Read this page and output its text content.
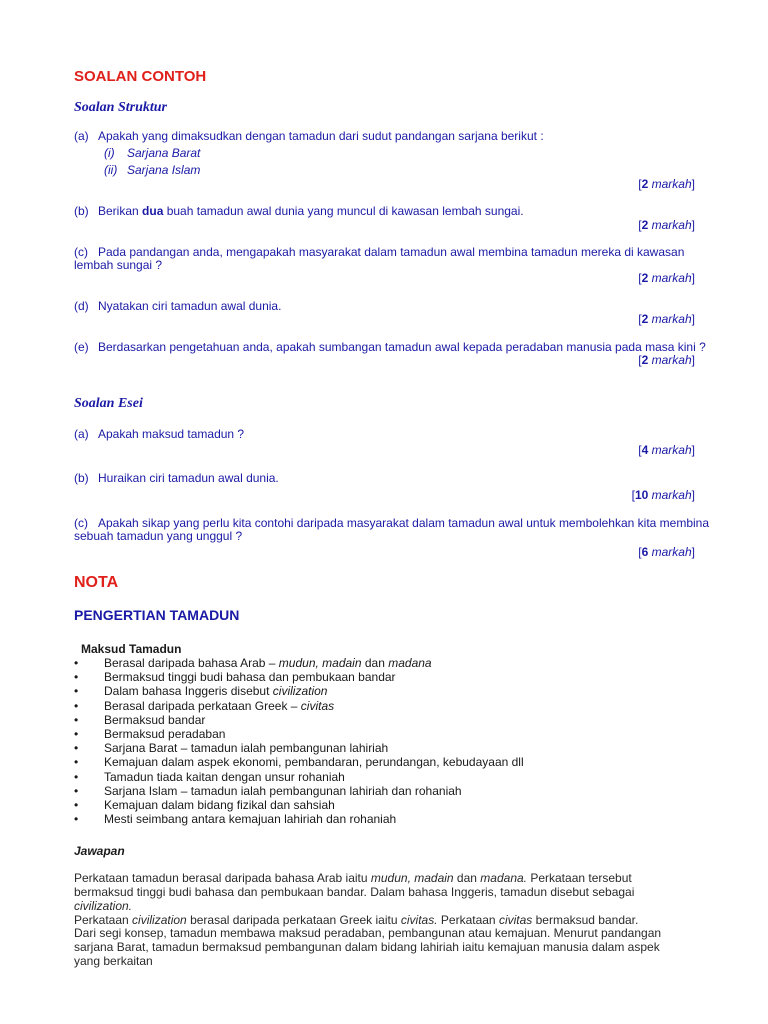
SOALAN CONTOH
Soalan Struktur
(a) Apakah yang dimaksudkan dengan tamadun dari sudut pandangan sarjana berikut :
(i) Sarjana Barat
(ii) Sarjana Islam
[2 markah]
(b) Berikan dua buah tamadun awal dunia yang muncul di kawasan lembah sungai.
[2 markah]
(c) Pada pandangan anda, mengapakah masyarakat dalam tamadun awal membina tamadun mereka di kawasan
lembah sungai ?
[2 markah]
(d) Nyatakan ciri tamadun awal dunia.
[2 markah]
(e) Berdasarkan pengetahuan anda, apakah sumbangan tamadun awal kepada peradaban manusia pada masa kini ?
[2 markah]
Soalan Esei
(a) Apakah maksud tamadun ?
[4 markah]
(b) Huraikan ciri tamadun awal dunia.
[10 markah]
(c) Apakah sikap yang perlu kita contohi daripada masyarakat dalam tamadun awal untuk membolehkan kita membina
sebuah tamadun yang unggul ?
[6 markah]
NOTA
PENGERTIAN TAMADUN
Maksud Tamadun
• Berasal daripada bahasa Arab – mudun, madain dan madana
• Bermaksud tinggi budi bahasa dan pembukaan bandar
• Dalam bahasa Inggeris disebut civilization
• Berasal daripada perkataan Greek – civitas
• Bermaksud bandar
• Bermaksud peradaban
• Sarjana Barat – tamadun ialah pembangunan lahiriah
• Kemajuan dalam aspek ekonomi, pembandaran, perundangan, kebudayaan dll
• Tamadun tiada kaitan dengan unsur rohaniah
• Sarjana Islam – tamadun ialah pembangunan lahiriah dan rohaniah
• Kemajuan dalam bidang fizikal dan sahsiah
• Mesti seimbang antara kemajuan lahiriah dan rohaniah
Jawapan
Perkataan tamadun berasal daripada bahasa Arab iaitu mudun, madain dan madana. Perkataan tersebut bermaksud tinggi budi bahasa dan pembukaan bandar. Dalam bahasa Inggeris, tamadun disebut sebagai civilization.
Perkataan civilization berasal daripada perkataan Greek iaitu civitas. Perkataan civitas bermaksud bandar.
Dari segi konsep, tamadun membawa maksud peradaban, pembangunan atau kemajuan. Menurut pandangan sarjana Barat, tamadun bermaksud pembangunan dalam bidang lahiriah iaitu kemajuan manusia dalam aspek yang berkaitan
